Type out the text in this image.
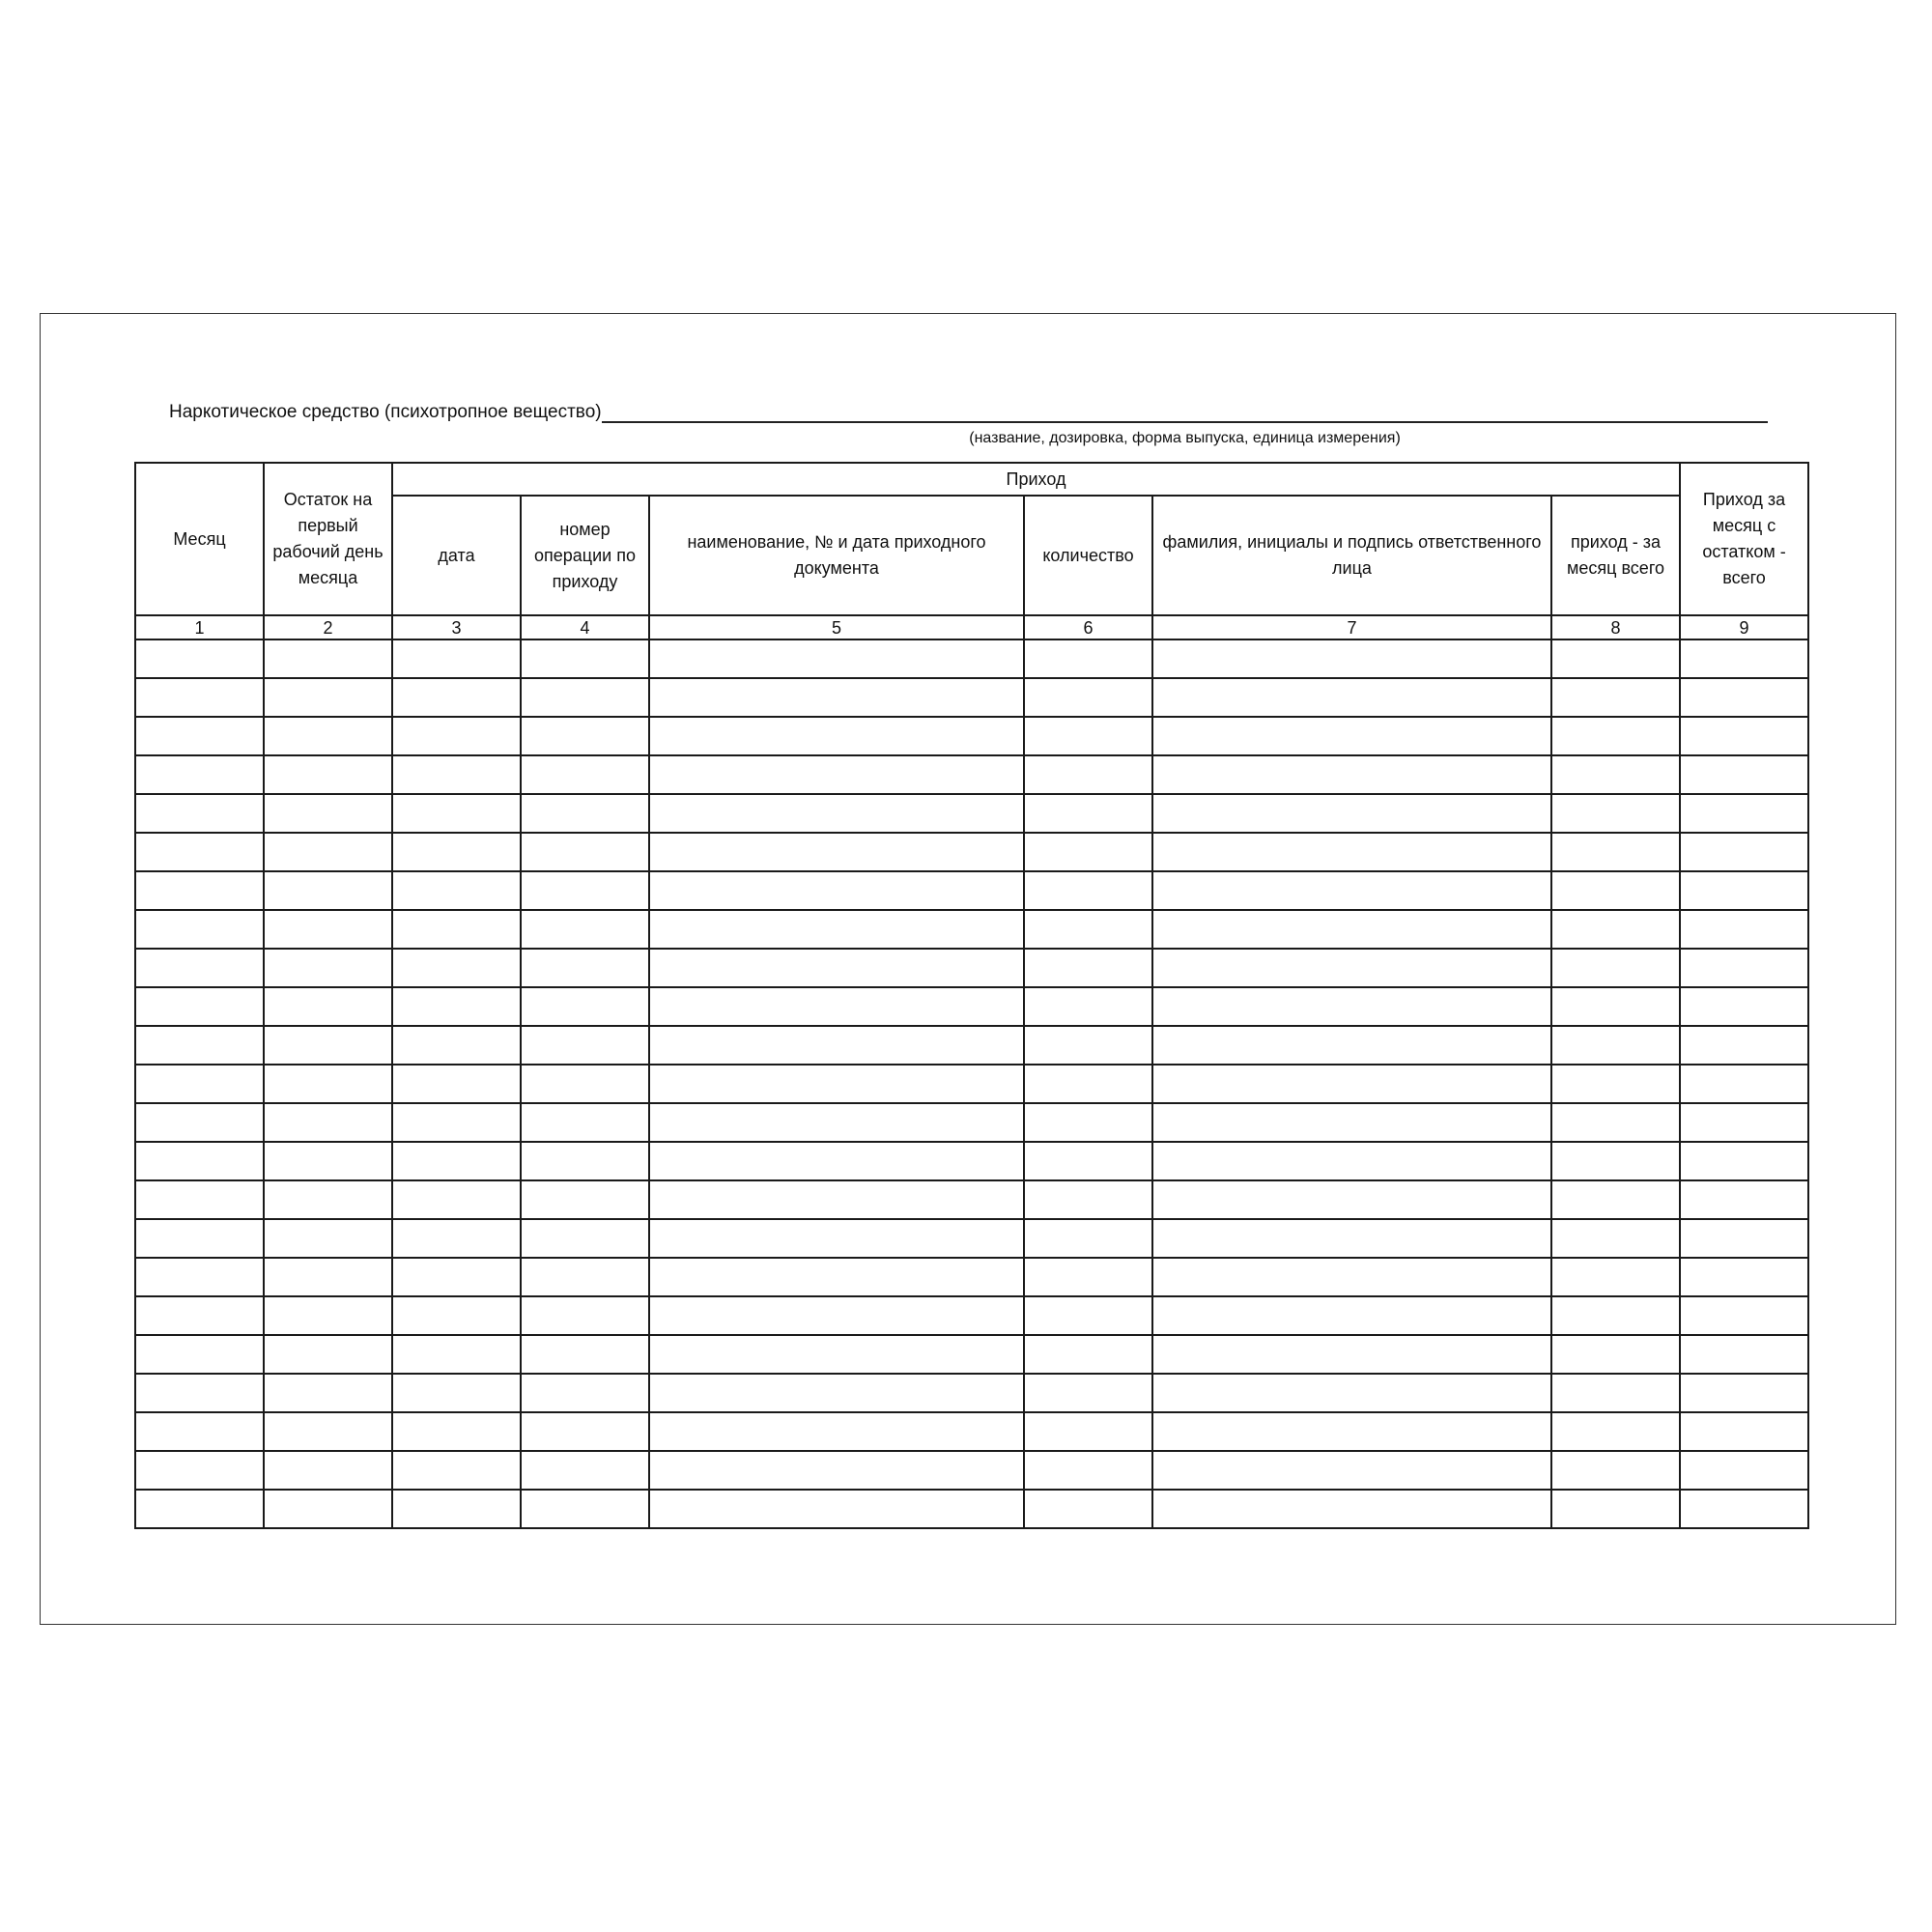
Наркотическое средство (психотропное вещество)
(название, дозировка, форма выпуска, единица измерения)
Месяц	Остаток на первый рабочий день месяца	Приход						Приход за месяц с остатком - всего
		дата	номер операции по приходу	наименование, № и дата приходного документа	количество	фамилия, инициалы и подпись ответственного лица	приход - за месяц всего	
1	2	3	4	5	6	7	8	9
